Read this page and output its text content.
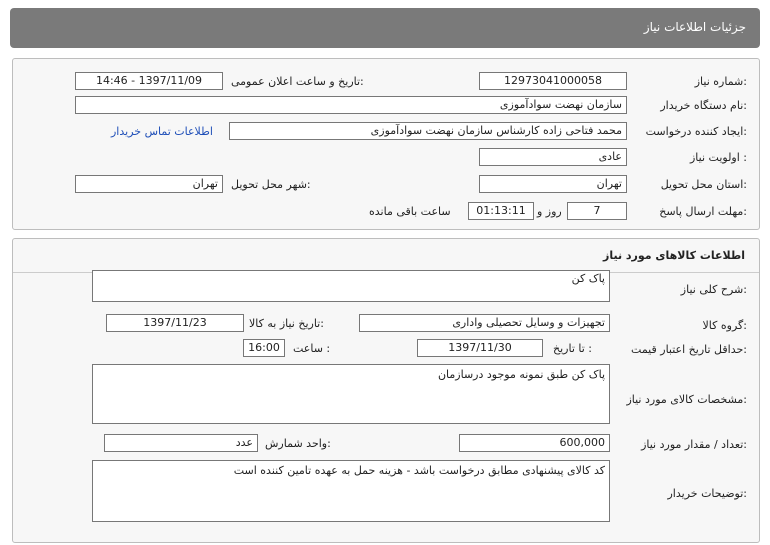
جزئیات اطلاعات نیاز
شماره نیاز:
12973041000058
تاریخ و ساعت اعلان عمومی:
1397/11/09 - 14:46
نام دستگاه خریدار:
سازمان نهضت سوادآموزی
ایجاد کننده درخواست:
محمد فتاحی زاده کارشناس سازمان نهضت سوادآموزی
اطلاعات تماس خریدار
اولویت نیاز :
عادی
استان محل تحویل:
تهران
شهر محل تحویل:
تهران
مهلت ارسال پاسخ:
7
روز و
01:13:11
ساعت باقی مانده
اطلاعات کالاهای مورد نیاز
شرح کلی نیاز:
پاک کن
گروه کالا:
تجهیزات و وسایل تحصیلی واداری
تاریخ نیاز به کالا:
1397/11/23
حداقل تاریخ اعتبار قیمت:
تا تاریخ :
1397/11/30
ساعت :
16:00
مشخصات کالای مورد نیاز:
پاک کن طبق نمونه موجود درسازمان
تعداد / مقدار مورد نیاز:
600,000
واحد شمارش:
عدد
توضیحات خریدار:
کد کالای پیشنهادی مطابق درخواست باشد - هزینه حمل به عهده تامین کننده است
